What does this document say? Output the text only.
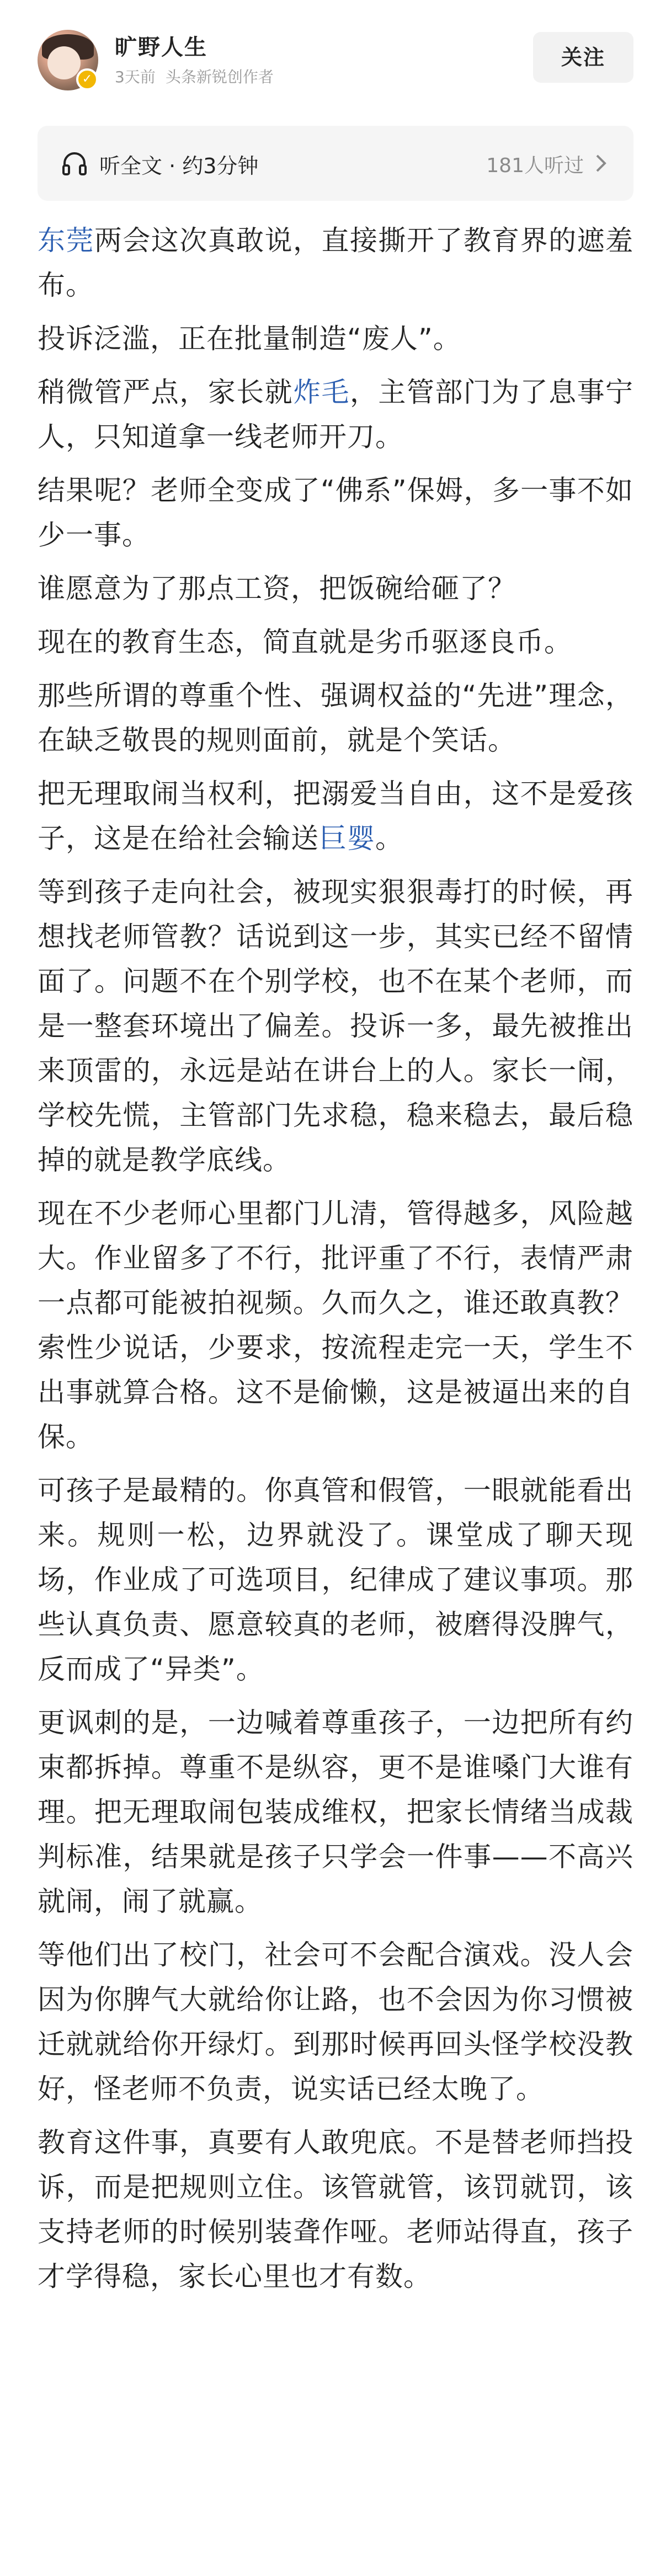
✓
旷野人生
3天前 头条新锐创作者
关注
听全文 · 约3分钟	181人听过

东莞两会这次真敢说，直接撕开了教育界的遮羞布。

投诉泛滥，正在批量制造“废人”。

稍微管严点，家长就炸毛，主管部门为了息事宁人，只知道拿一线老师开刀。

结果呢？老师全变成了“佛系”保姆，多一事不如少一事。

谁愿意为了那点工资，把饭碗给砸了？

现在的教育生态，简直就是劣币驱逐良币。

那些所谓的尊重个性、强调权益的“先进”理念，在缺乏敬畏的规则面前，就是个笑话。

把无理取闹当权利，把溺爱当自由，这不是爱孩子，这是在给社会输送巨婴。

等到孩子走向社会，被现实狠狠毒打的时候，再想找老师管教？话说到这一步，其实已经不留情面了。问题不在个别学校，也不在某个老师，而是一整套环境出了偏差。投诉一多，最先被推出来顶雷的，永远是站在讲台上的人。家长一闹，学校先慌，主管部门先求稳，稳来稳去，最后稳掉的就是教学底线。

现在不少老师心里都门儿清，管得越多，风险越大。作业留多了不行，批评重了不行，表情严肃一点都可能被拍视频。久而久之，谁还敢真教？索性少说话，少要求，按流程走完一天，学生不出事就算合格。这不是偷懒，这是被逼出来的自保。

可孩子是最精的。你真管和假管，一眼就能看出来。规则一松，边界就没了。课堂成了聊天现场，作业成了可选项目，纪律成了建议事项。那些认真负责、愿意较真的老师，被磨得没脾气，反而成了“异类”。

更讽刺的是，一边喊着尊重孩子，一边把所有约束都拆掉。尊重不是纵容，更不是谁嗓门大谁有理。把无理取闹包装成维权，把家长情绪当成裁判标准，结果就是孩子只学会一件事——不高兴就闹，闹了就赢。

等他们出了校门，社会可不会配合演戏。没人会因为你脾气大就给你让路，也不会因为你习惯被迁就就给你开绿灯。到那时候再回头怪学校没教好，怪老师不负责，说实话已经太晚了。

教育这件事，真要有人敢兜底。不是替老师挡投诉，而是把规则立住。该管就管，该罚就罚，该支持老师的时候别装聋作哑。老师站得直，孩子才学得稳，家长心里也才有数。
